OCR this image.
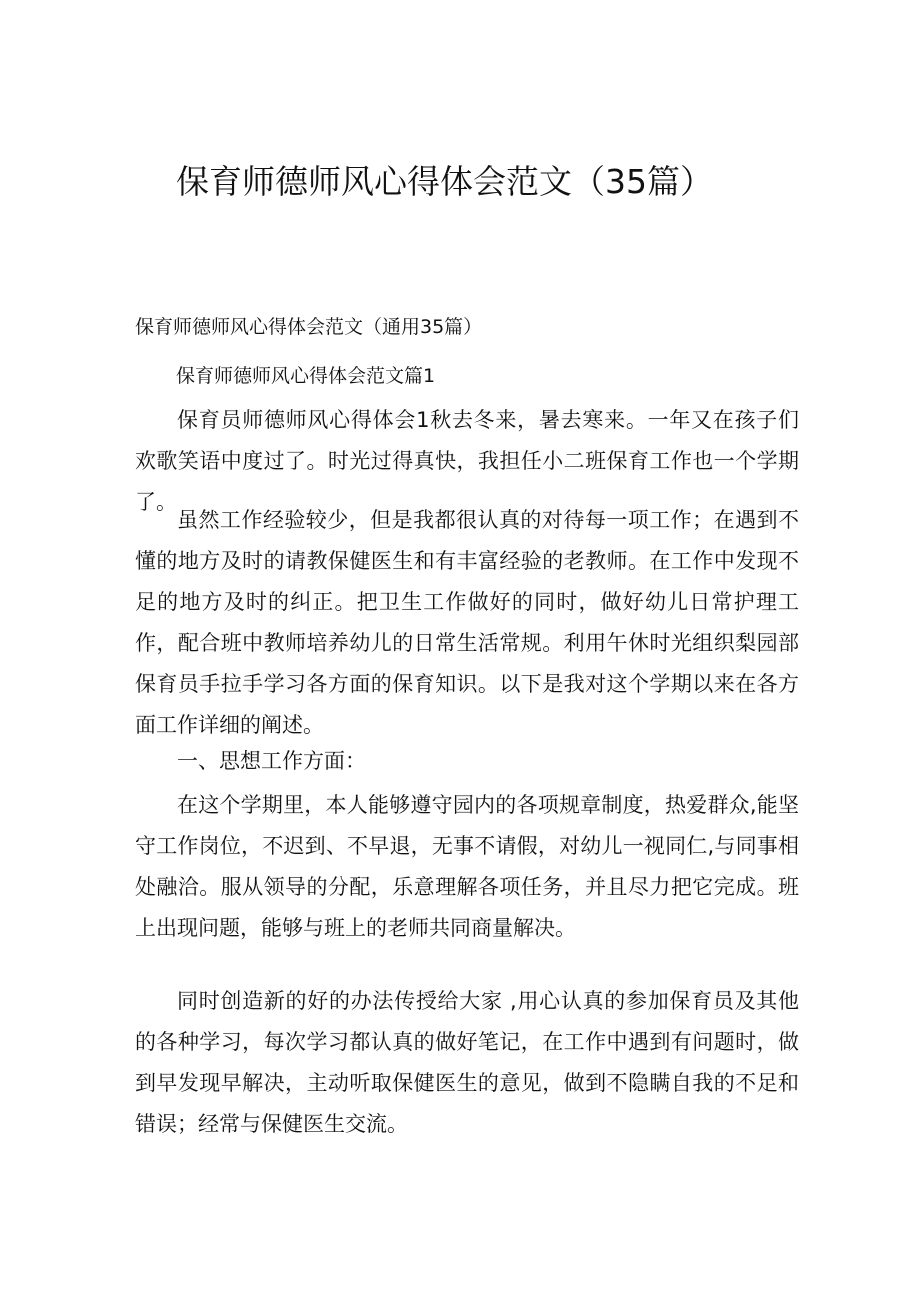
保育师德师风心得体会范文（35篇）

保育师德师风心得体会范文（通用35篇）

保育师德师风心得体会范文篇1

保育员师德师风心得体会1秋去冬来，暑去寒来。一年又在孩子们欢歌笑语中度过了。时光过得真快，我担任小二班保育工作也一个学期了。

虽然工作经验较少，但是我都很认真的对待每一项工作；在遇到不懂的地方及时的请教保健医生和有丰富经验的老教师。在工作中发现不足的地方及时的纠正。把卫生工作做好的同时，做好幼儿日常护理工作，配合班中教师培养幼儿的日常生活常规。利用午休时光组织梨园部保育员手拉手学习各方面的保育知识。以下是我对这个学期以来在各方面工作详细的阐述。

一、思想工作方面：

在这个学期里，本人能够遵守园内的各项规章制度，热爱群众,能坚守工作岗位，不迟到、不早退，无事不请假，对幼儿一视同仁,与同事相处融洽。服从领导的分配，乐意理解各项任务，并且尽力把它完成。班上出现问题，能够与班上的老师共同商量解决。

同时创造新的好的办法传授给大家 ,用心认真的参加保育员及其他的各种学习，每次学习都认真的做好笔记，在工作中遇到有问题时，做到早发现早解决，主动听取保健医生的意见，做到不隐瞒自我的不足和错误；经常与保健医生交流。
